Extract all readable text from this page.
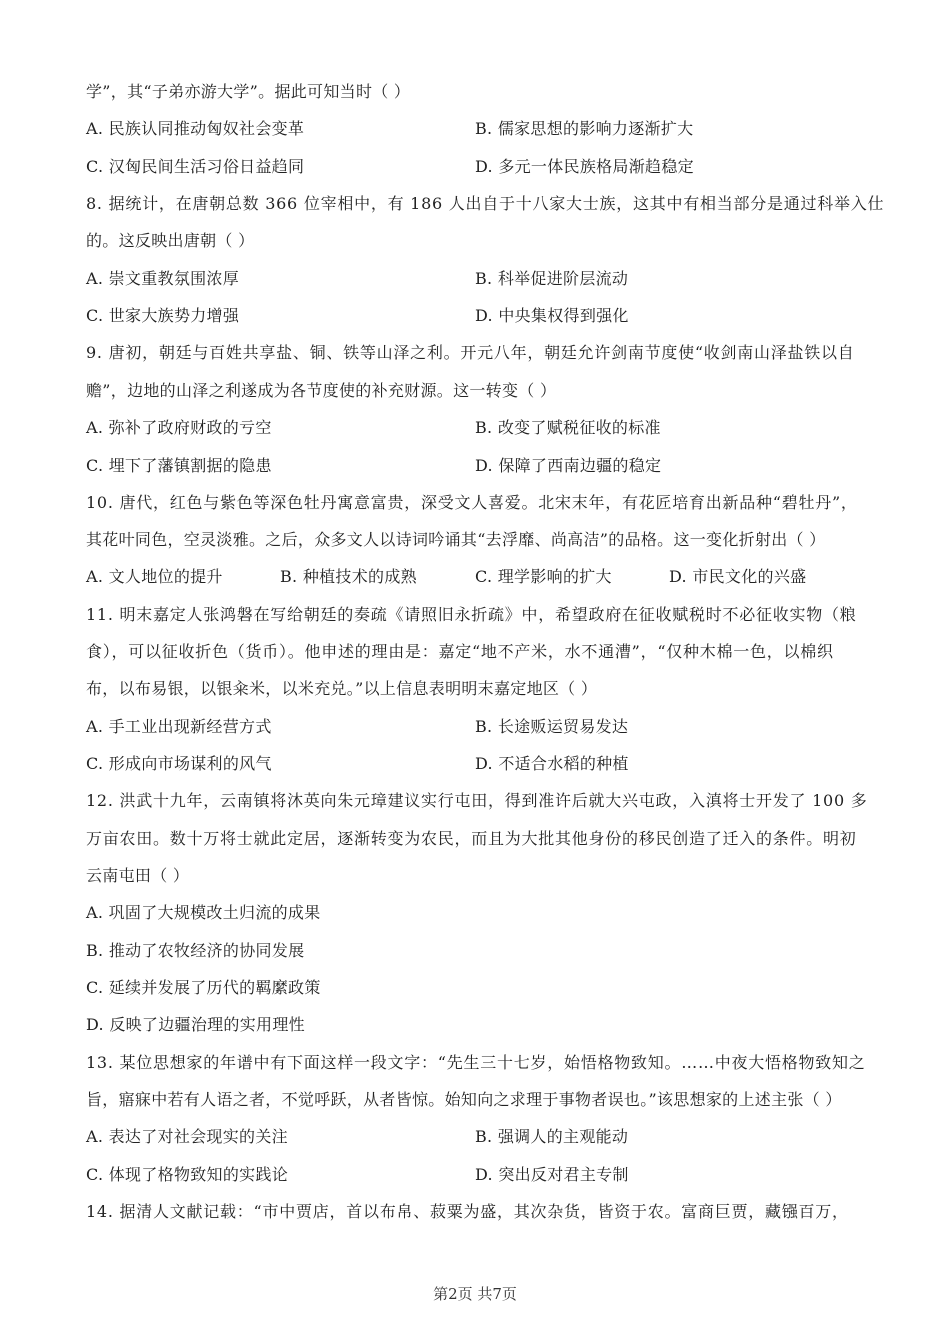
学”，其“子弟亦游大学”。据此可知当时（ ）
A. 民族认同推动匈奴社会变革	B. 儒家思想的影响力逐渐扩大
C. 汉匈民间生活习俗日益趋同	D. 多元一体民族格局渐趋稳定
8. 据统计，在唐朝总数 366 位宰相中，有 186 人出自于十八家大士族，这其中有相当部分是通过科举入仕
的。这反映出唐朝（ ）
A. 崇文重教氛围浓厚	B. 科举促进阶层流动
C. 世家大族势力增强	D. 中央集权得到强化
9. 唐初，朝廷与百姓共享盐、铜、铁等山泽之利。开元八年，朝廷允许剑南节度使“收剑南山泽盐铁以自
赡”，边地的山泽之利遂成为各节度使的补充财源。这一转变（ ）
A. 弥补了政府财政的亏空	B. 改变了赋税征收的标准
C. 埋下了藩镇割据的隐患	D. 保障了西南边疆的稳定
10. 唐代，红色与紫色等深色牡丹寓意富贵，深受文人喜爱。北宋末年，有花匠培育出新品种“碧牡丹”，
其花叶同色，空灵淡雅。之后，众多文人以诗词吟诵其“去浮靡、尚高洁”的品格。这一变化折射出（ ）
A. 文人地位的提升	B. 种植技术的成熟	C. 理学影响的扩大	D. 市民文化的兴盛
11. 明末嘉定人张鸿磐在写给朝廷的奏疏《请照旧永折疏》中，希望政府在征收赋税时不必征收实物（粮
食），可以征收折色（货币）。他申述的理由是：嘉定“地不产米，水不通漕”，“仅种木棉一色，以棉织
布，以布易银，以银籴米，以米充兑。”以上信息表明明末嘉定地区（ ）
A. 手工业出现新经营方式	B. 长途贩运贸易发达
C. 形成向市场谋利的风气	D. 不适合水稻的种植
12. 洪武十九年，云南镇将沐英向朱元璋建议实行屯田，得到准许后就大兴屯政，入滇将士开发了 100 多
万亩农田。数十万将士就此定居，逐渐转变为农民，而且为大批其他身份的移民创造了迁入的条件。明初
云南屯田（ ）
A. 巩固了大规模改土归流的成果
B. 推动了农牧经济的协同发展
C. 延续并发展了历代的羁縻政策
D. 反映了边疆治理的实用理性
13. 某位思想家的年谱中有下面这样一段文字：“先生三十七岁，始悟格物致知。……中夜大悟格物致知之
旨，寤寐中若有人语之者，不觉呼跃，从者皆惊。始知向之求理于事物者误也。”该思想家的上述主张（ ）
A. 表达了对社会现实的关注	B. 强调人的主观能动
C. 体现了格物致知的实践论	D. 突出反对君主专制
14. 据清人文献记载：“市中贾店，首以布帛、菽粟为盛，其次杂货，皆资于农。富商巨贾，藏镪百万，
第2页 共7页
